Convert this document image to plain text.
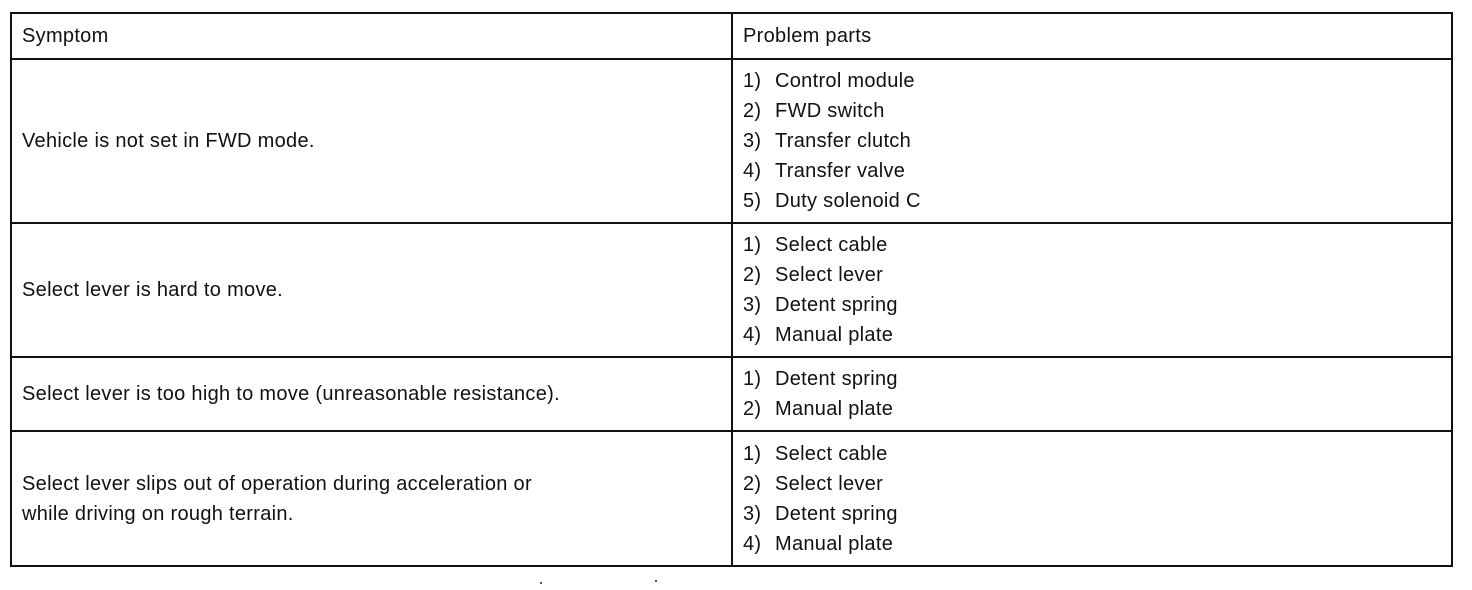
Symptom	Problem parts
Vehicle is not set in FWD mode.	1) Control module
2) FWD switch
3) Transfer clutch
4) Transfer valve
5) Duty solenoid C

Select lever is hard to move.	1) Select cable
2) Select lever
3) Detent spring
4) Manual plate

Select lever is too high to move (unreasonable resistance).	1) Detent spring
2) Manual plate

Select lever slips out of operation during acceleration or
while driving on rough terrain.	1) Select cable
2) Select lever
3) Detent spring
4) Manual plate
